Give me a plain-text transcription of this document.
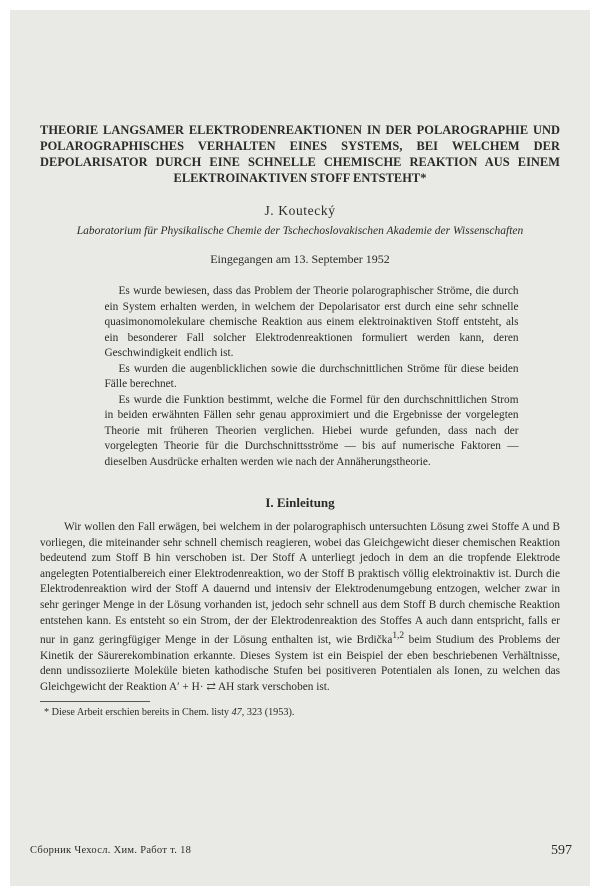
THEORIE LANGSAMER ELEKTRODENREAKTIONEN IN DER POLAROGRAPHIE UND POLAROGRAPHISCHES VERHALTEN EINES SYSTEMS, BEI WELCHEM DER DEPOLARISATOR DURCH EINE SCHNELLE CHEMISCHE REAKTION AUS EINEM ELEKTROINAKTIVEN STOFF ENTSTEHT*
J. Koutecký
Laboratorium für Physikalische Chemie der Tschechoslovakischen Akademie der Wissenschaften
Eingegangen am 13. September 1952

Es wurde bewiesen, dass das Problem der Theorie polarographischer Ströme, die durch ein System erhalten werden, in welchem der Depolarisator erst durch eine sehr schnelle quasimonomolekulare chemische Reaktion aus einem elektroinaktiven Stoff entsteht, als ein besonderer Fall solcher Elektrodenreaktionen formuliert werden kann, deren Geschwindigkeit endlich ist.

Es wurden die augenblicklichen sowie die durchschnittlichen Ströme für diese beiden Fälle berechnet.

Es wurde die Funktion bestimmt, welche die Formel für den durchschnittlichen Strom in beiden erwähnten Fällen sehr genau approximiert und die Ergebnisse der vorgelegten Theorie mit früheren Theorien verglichen. Hiebei wurde gefunden, dass nach der vorgelegten Theorie für die Durchschnittsströme — bis auf numerische Faktoren — dieselben Ausdrücke erhalten werden wie nach der Annäherungstheorie.

I. Einleitung

Wir wollen den Fall erwägen, bei welchem in der polarographisch untersuchten Lösung zwei Stoffe A und B vorliegen, die miteinander sehr schnell chemisch reagieren, wobei das Gleichgewicht dieser chemischen Reaktion bedeutend zum Stoff B hin verschoben ist. Der Stoff A unterliegt jedoch in dem an die tropfende Elektrode angelegten Potentialbereich einer Elektrodenreaktion, wo der Stoff B praktisch völlig elektroinaktiv ist. Durch die Elektrodenreaktion wird der Stoff A dauernd und intensiv der Elektrodenumgebung entzogen, welcher zwar in sehr geringer Menge in der Lösung vorhanden ist, jedoch sehr schnell aus dem Stoff B durch chemische Reaktion entstehen kann. Es entsteht so ein Strom, der der Elektrodenreaktion des Stoffes A auch dann entspricht, falls er nur in ganz geringfügiger Menge in der Lösung enthalten ist, wie Brdička$^{1,2}$ beim Studium des Problems der Kinetik der Säurerekombination erkannte. Dieses System ist ein Beispiel der eben beschriebenen Verhältnisse, denn undissoziierte Moleküle bieten kathodische Stufen bei positiveren Potentialen als Ionen, zu welchen das Gleichgewicht der Reaktion A′ + H· ⇄ AH stark verschoben ist.

* Diese Arbeit erschien bereits in Chem. listy 47, 323 (1953).
Сборник Чехосл. Хим. Работ т. 18	597
